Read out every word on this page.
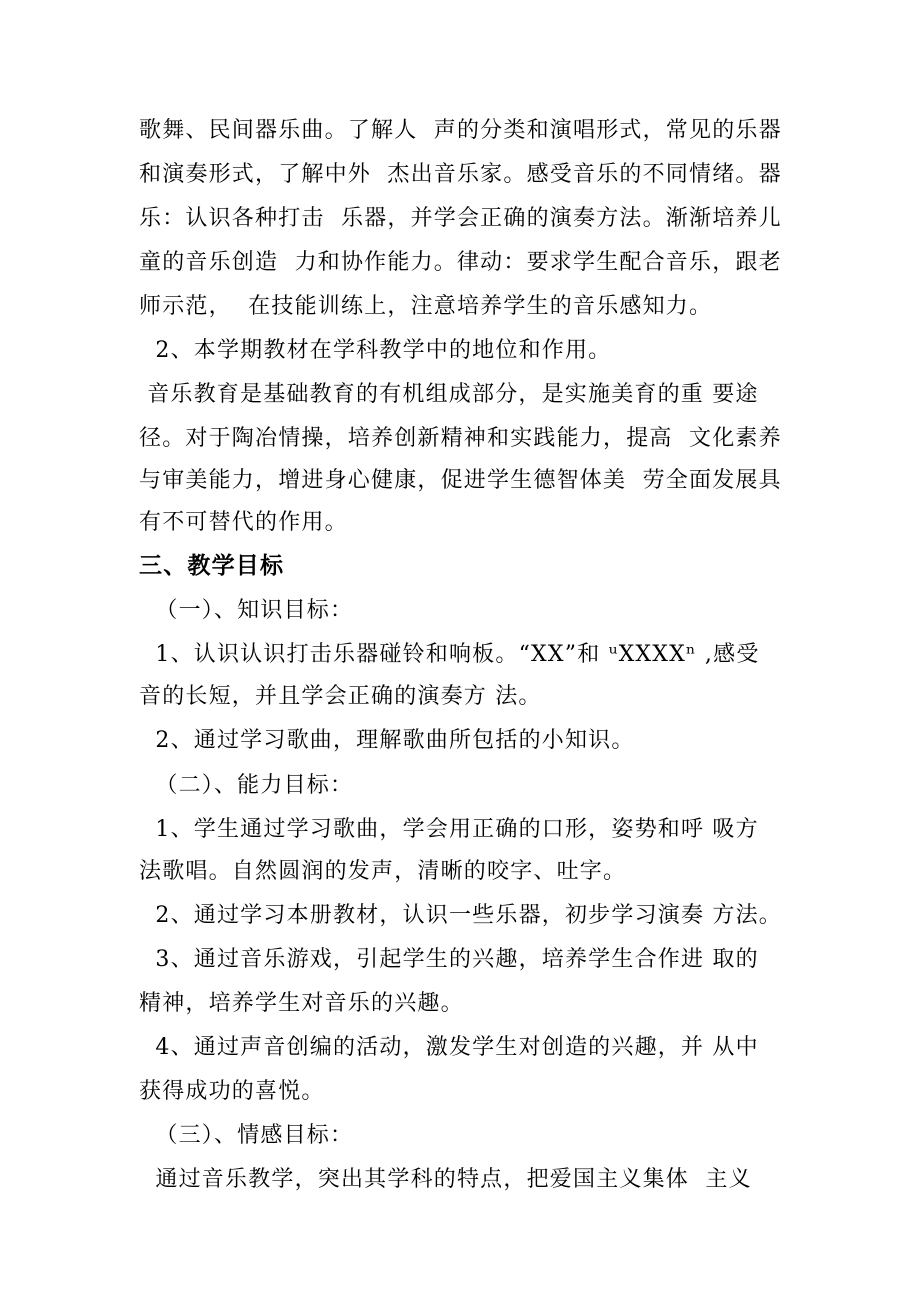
歌舞、民间器乐曲。了解人  声的分类和演唱形式，常见的乐器
和演奏形式，了解中外  杰出音乐家。感受音乐的不同情绪。器
乐：认识各种打击  乐器，并学会正确的演奏方法。渐渐培养儿
童的音乐创造  力和协作能力。律动：要求学生配合音乐，跟老
师示范，  在技能训练上，注意培养学生的音乐感知力。
2、本学期教材在学科教学中的地位和作用。
音乐教育是基础教育的有机组成部分，是实施美育的重 要途
径。对于陶冶情操，培养创新精神和实践能力，提高  文化素养
与审美能力，增进身心健康，促进学生德智体美  劳全面发展具
有不可替代的作用。
三、教学目标
（一）、知识目标：
1、认识认识打击乐器碰铃和响板。“XX”和 ᵘXXXXⁿ ,感受
音的长短，并且学会正确的演奏方 法。
2、通过学习歌曲，理解歌曲所包括的小知识。
（二）、能力目标：
1、学生通过学习歌曲，学会用正确的口形，姿势和呼 吸方
法歌唱。自然圆润的发声，清晰的咬字、吐字。
2、通过学习本册教材，认识一些乐器，初步学习演奏 方法。
3、通过音乐游戏，引起学生的兴趣，培养学生合作进 取的
精神，培养学生对音乐的兴趣。
4、通过声音创编的活动，激发学生对创造的兴趣，并 从中
获得成功的喜悦。
（三）、情感目标：
通过音乐教学，突出其学科的特点，把爱国主义集体  主义
